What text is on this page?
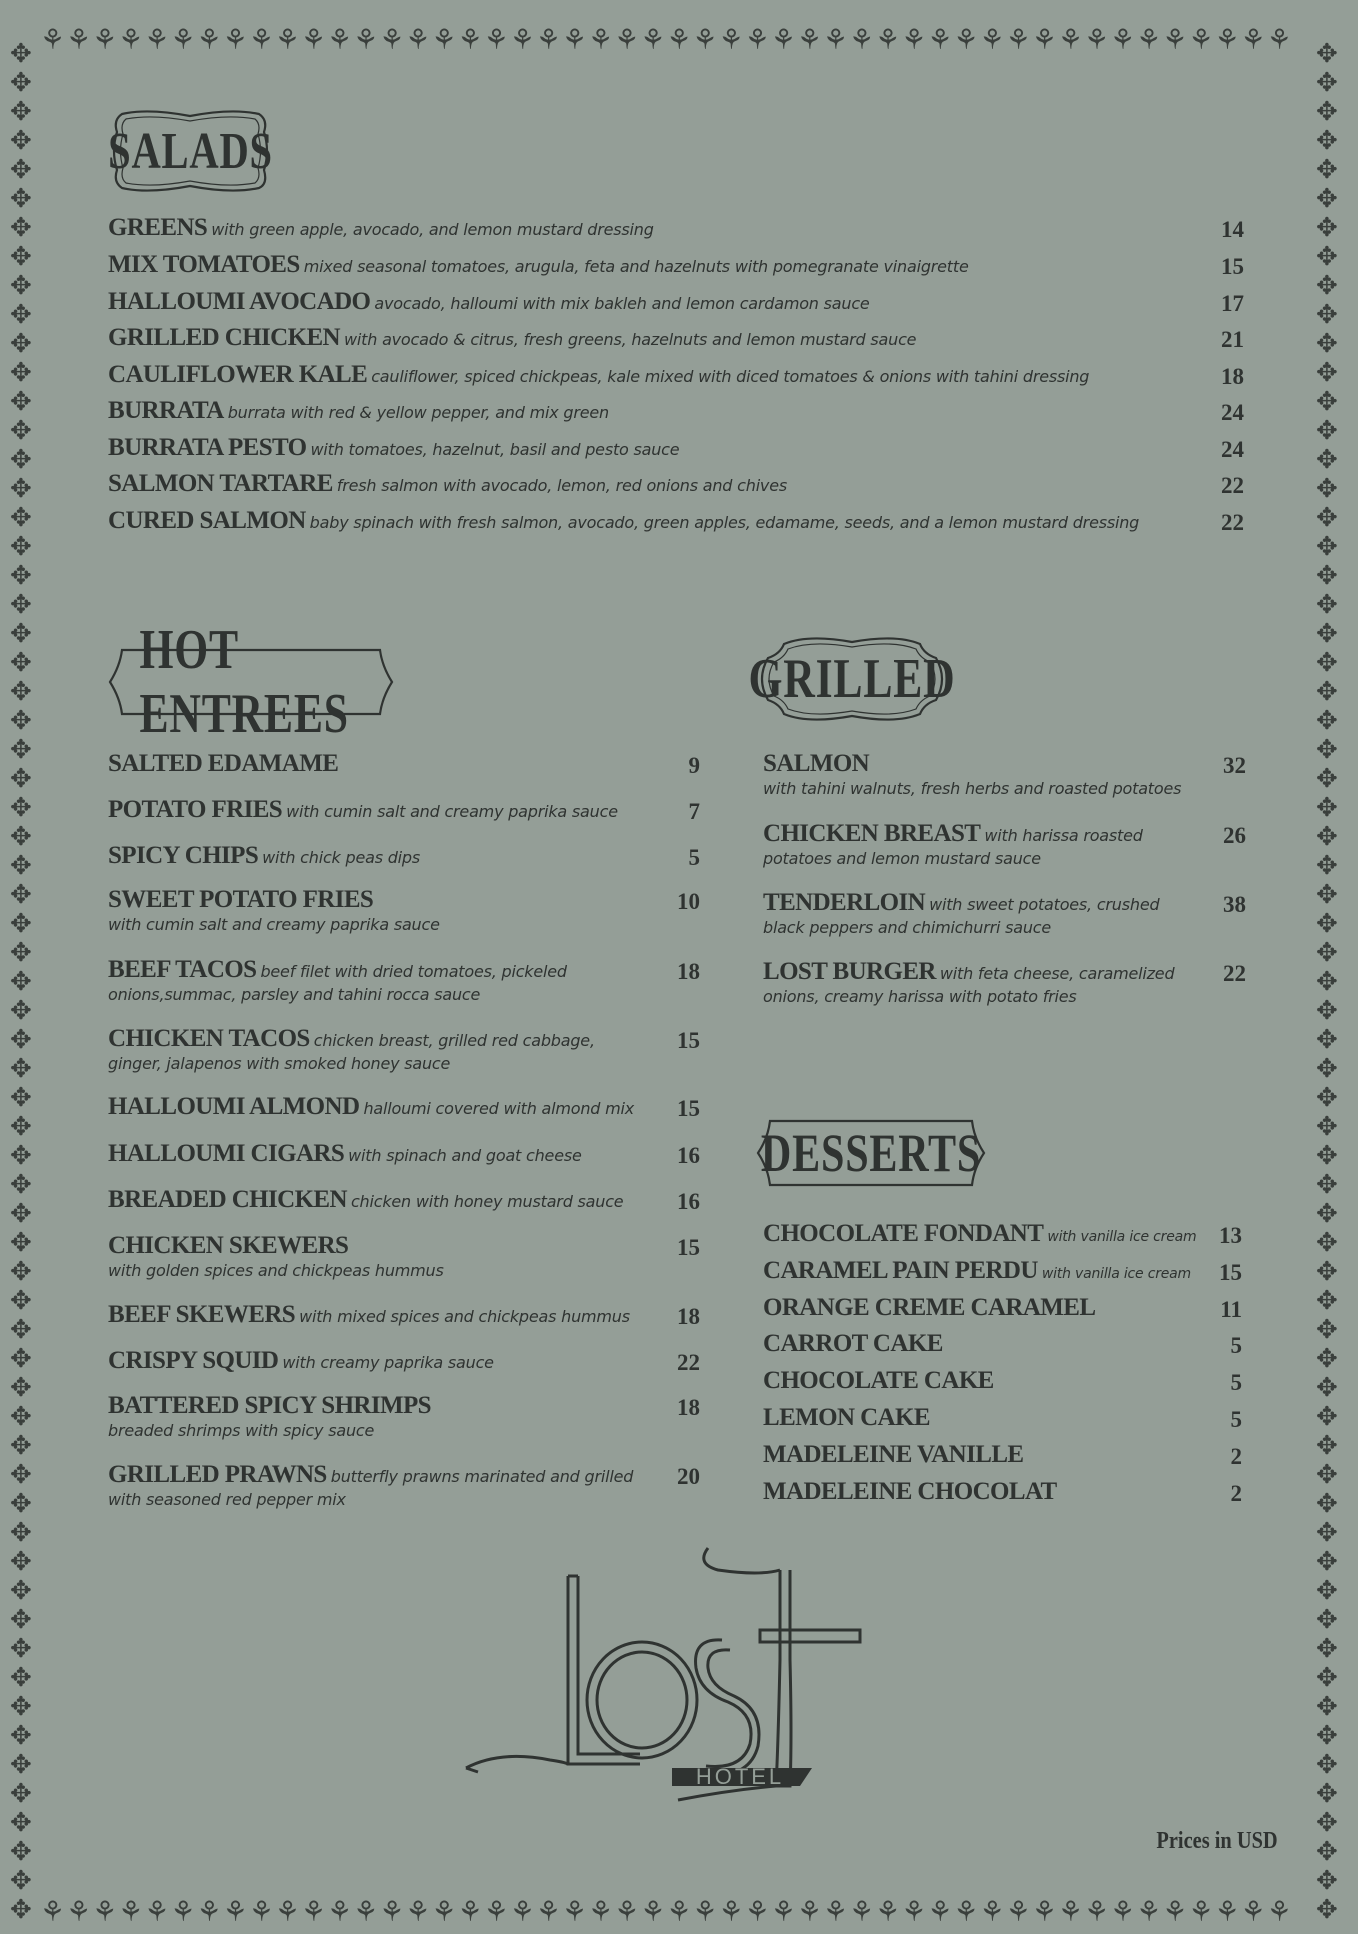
⚘⚘⚘⚘⚘⚘⚘⚘⚘⚘⚘⚘⚘⚘⚘⚘⚘⚘⚘⚘⚘⚘⚘⚘⚘⚘⚘⚘⚘⚘⚘⚘⚘⚘⚘⚘⚘⚘⚘⚘⚘⚘⚘⚘⚘⚘⚘⚘
⚘⚘⚘⚘⚘⚘⚘⚘⚘⚘⚘⚘⚘⚘⚘⚘⚘⚘⚘⚘⚘⚘⚘⚘⚘⚘⚘⚘⚘⚘⚘⚘⚘⚘⚘⚘⚘⚘⚘⚘⚘⚘⚘⚘⚘⚘⚘⚘
✥✥✥✥✥✥✥✥✥✥✥✥✥✥✥✥✥✥✥✥✥✥✥✥✥✥✥✥✥✥✥✥✥✥✥✥✥✥✥✥✥✥✥✥✥✥✥✥✥✥✥✥✥✥✥✥✥✥✥✥✥✥✥✥✥
✥✥✥✥✥✥✥✥✥✥✥✥✥✥✥✥✥✥✥✥✥✥✥✥✥✥✥✥✥✥✥✥✥✥✥✥✥✥✥✥✥✥✥✥✥✥✥✥✥✥✥✥✥✥✥✥✥✥✥✥✥✥✥✥✥
SALADS
GREENS with green apple, avocado, and lemon mustard dressing	14
MIX TOMATOES mixed seasonal tomatoes, arugula, feta and hazelnuts with pomegranate vinaigrette	15
HALLOUMI AVOCADO avocado, halloumi with mix bakleh and lemon cardamon sauce	17
GRILLED CHICKEN with avocado & citrus, fresh greens, hazelnuts and lemon mustard sauce	21
CAULIFLOWER KALE cauliflower, spiced chickpeas, kale mixed with diced tomatoes & onions with tahini dressing	18
BURRATA burrata with red & yellow pepper, and mix green	24
BURRATA PESTO with tomatoes, hazelnut, basil and pesto sauce	24
SALMON TARTARE fresh salmon with avocado, lemon, red onions and chives	22
CURED SALMON baby spinach with fresh salmon, avocado, green apples, edamame, seeds, and a lemon mustard dressing	22
HOT ENTREES
SALTED EDAMAME	9
POTATO FRIES with cumin salt and creamy paprika sauce	7
SPICY CHIPS with chick peas dips	5
SWEET POTATO FRIES
with cumin salt and creamy paprika sauce
10
BEEF TACOS beef filet with dried tomatoes, pickeled
onions,summac, parsley and tahini rocca sauce
18
CHICKEN TACOS chicken breast, grilled red cabbage,
ginger, jalapenos with smoked honey sauce
15
HALLOUMI ALMOND halloumi covered with almond mix	15
HALLOUMI CIGARS with spinach and goat cheese	16
BREADED CHICKEN chicken with honey mustard sauce	16
CHICKEN SKEWERS
with golden spices and chickpeas hummus
15
BEEF SKEWERS with mixed spices and chickpeas hummus	18
CRISPY SQUID with creamy paprika sauce	22
BATTERED SPICY SHRIMPS
breaded shrimps with spicy sauce
18
GRILLED PRAWNS butterfly prawns marinated and grilled
with seasoned red pepper mix
20
GRILLED
SALMON
with tahini walnuts, fresh herbs and roasted potatoes
32
CHICKEN BREAST with harissa roasted
potatoes and lemon mustard sauce
26
TENDERLOIN with sweet potatoes, crushed
black peppers and chimichurri sauce
38
LOST BURGER with feta cheese, caramelized
onions, creamy harissa with potato fries
22
DESSERTS
CHOCOLATE FONDANT with vanilla ice cream 13
CARAMEL PAIN PERDU with vanilla ice cream	15
ORANGE CREME CARAMEL	11
CARROT CAKE	5
CHOCOLATE CAKE	5
LEMON CAKE	5
MADELEINE VANILLE	2
MADELEINE CHOCOLAT	2
HOTEL
Prices in USD
